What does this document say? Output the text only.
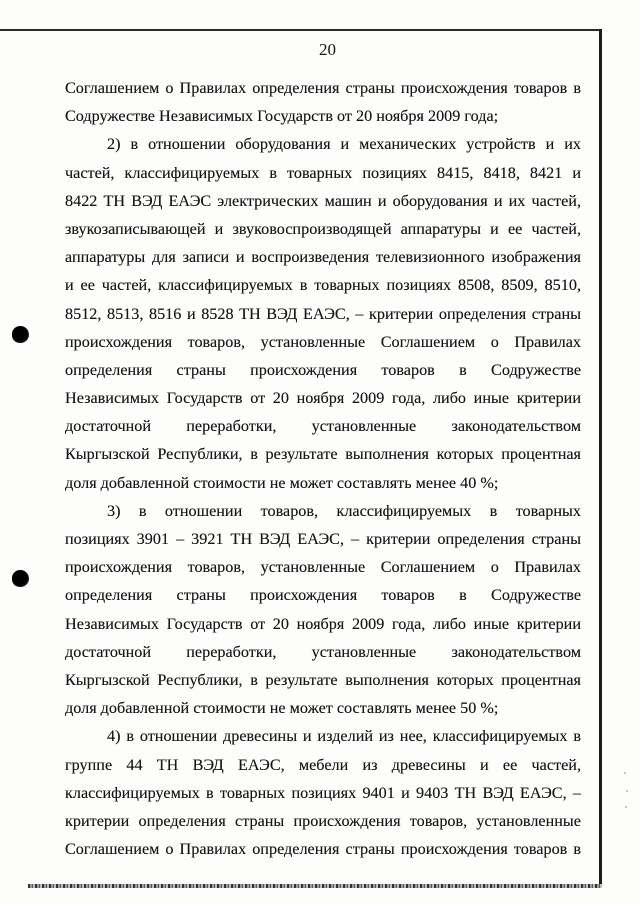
20
Соглашением о Правилах определения страны происхождения товаров в
Содружестве Независимых Государств от 20 ноября 2009 года;
2) в отношении оборудования и механических устройств и их
частей, классифицируемых в товарных позициях 8415, 8418, 8421 и
8422 ТН ВЭД ЕАЭС электрических машин и оборудования и их частей,
звукозаписывающей и звуковоспроизводящей аппаратуры и ее частей,
аппаратуры для записи и воспроизведения телевизионного изображения
и ее частей, классифицируемых в товарных позициях 8508, 8509, 8510,
8512, 8513, 8516 и 8528 ТН ВЭД ЕАЭС, – критерии определения страны
происхождения товаров, установленные Соглашением о Правилах
определения страны происхождения товаров в Содружестве
Независимых Государств от 20 ноября 2009 года, либо иные критерии
достаточной переработки, установленные законодательством
Кыргызской Республики, в результате выполнения которых процентная
доля добавленной стоимости не может составлять менее 40 %;
3) в отношении товаров, классифицируемых в товарных
позициях 3901 – 3921 ТН ВЭД ЕАЭС, – критерии определения страны
происхождения товаров, установленные Соглашением о Правилах
определения страны происхождения товаров в Содружестве
Независимых Государств от 20 ноября 2009 года, либо иные критерии
достаточной переработки, установленные законодательством
Кыргызской Республики, в результате выполнения которых процентная
доля добавленной стоимости не может составлять менее 50 %;
4) в отношении древесины и изделий из нее, классифицируемых в
группе 44 ТН ВЭД ЕАЭС, мебели из древесины и ее частей,
классифицируемых в товарных позициях 9401 и 9403 ТН ВЭД ЕАЭС, –
критерии определения страны происхождения товаров, установленные
Соглашением о Правилах определения страны происхождения товаров в
